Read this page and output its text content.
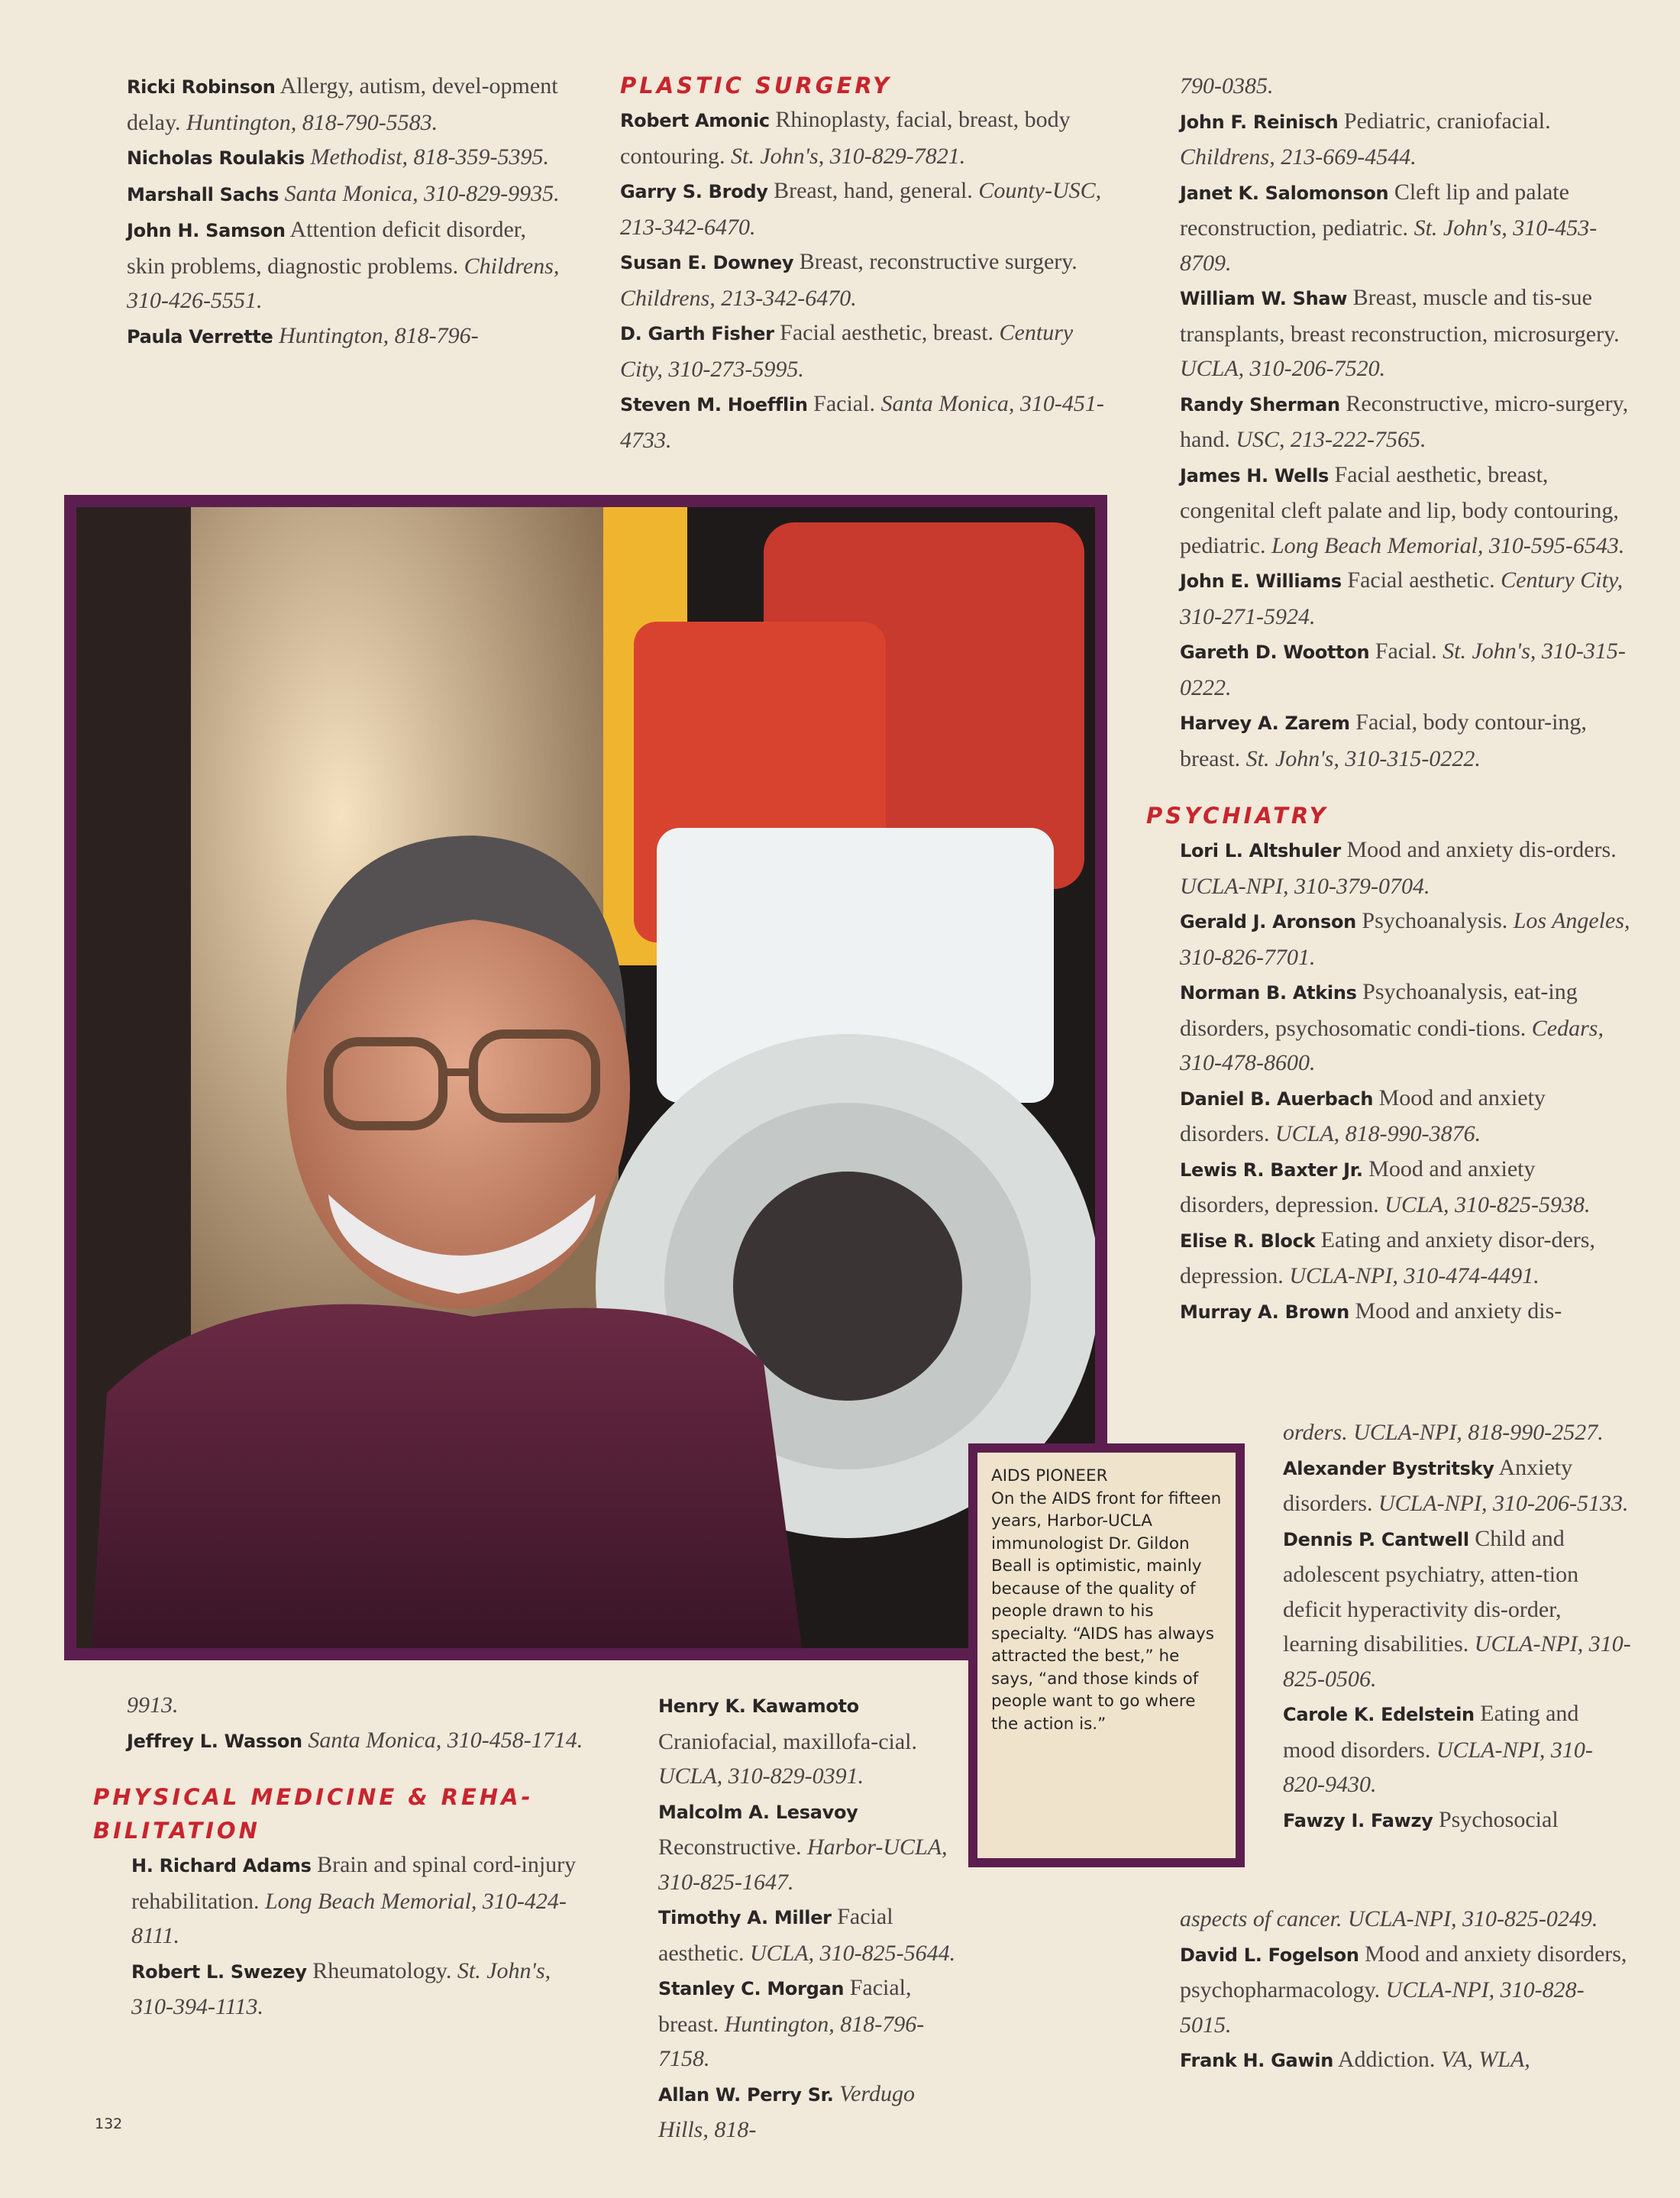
Ricki Robinson Allergy, autism, devel-opment delay. Huntington, 818-790-5583.

Nicholas Roulakis Methodist, 818-359-5395.

Marshall Sachs Santa Monica, 310-829-9935.

John H. Samson Attention deficit disorder, skin problems, diagnostic problems. Childrens, 310-426-5551.

Paula Verrette Huntington, 818-796-

PLASTIC SURGERY

Robert Amonic Rhinoplasty, facial, breast, body contouring. St. John's, 310-829-7821.

Garry S. Brody Breast, hand, general. County-USC, 213-342-6470.

Susan E. Downey Breast, reconstructive surgery. Childrens, 213-342-6470.

D. Garth Fisher Facial aesthetic, breast. Century City, 310-273-5995.

Steven M. Hoefflin Facial. Santa Monica, 310-451-4733.

790-0385.

John F. Reinisch Pediatric, craniofacial. Childrens, 213-669-4544.

Janet K. Salomonson Cleft lip and palate reconstruction, pediatric. St. John's, 310-453-8709.

William W. Shaw Breast, muscle and tis-sue transplants, breast reconstruction, microsurgery. UCLA, 310-206-7520.

Randy Sherman Reconstructive, micro-surgery, hand. USC, 213-222-7565.

James H. Wells Facial aesthetic, breast, congenital cleft palate and lip, body contouring, pediatric. Long Beach Memorial, 310-595-6543.

John E. Williams Facial aesthetic. Century City, 310-271-5924.

Gareth D. Wootton Facial. St. John's, 310-315-0222.

Harvey A. Zarem Facial, body contour-ing, breast. St. John's, 310-315-0222.

PSYCHIATRY

Lori L. Altshuler Mood and anxiety dis-orders. UCLA-NPI, 310-379-0704.

Gerald J. Aronson Psychoanalysis. Los Angeles, 310-826-7701.

Norman B. Atkins Psychoanalysis, eat-ing disorders, psychosomatic condi-tions. Cedars, 310-478-8600.

Daniel B. Auerbach Mood and anxiety disorders. UCLA, 818-990-3876.

Lewis R. Baxter Jr. Mood and anxiety disorders, depression. UCLA, 310-825-5938.

Elise R. Block Eating and anxiety disor-ders, depression. UCLA-NPI, 310-474-4491.

Murray A. Brown Mood and anxiety dis-

orders. UCLA-NPI, 818-990-2527.

Alexander Bystritsky Anxiety disorders. UCLA-NPI, 310-206-5133.

Dennis P. Cantwell Child and adolescent psychiatry, atten-tion deficit hyperactivity dis-order, learning disabilities. UCLA-NPI, 310-825-0506.

Carole K. Edelstein Eating and mood disorders. UCLA-NPI, 310-820-9430.

Fawzy I. Fawzy Psychosocial

aspects of cancer. UCLA-NPI, 310-825-0249.

David L. Fogelson Mood and anxiety disorders, psychopharmacology. UCLA-NPI, 310-828-5015.

Frank H. Gawin Addiction. VA, WLA,

AIDS PIONEER
On the AIDS front for fifteen years, Harbor-UCLA immunologist Dr. Gildon Beall is optimistic, mainly because of the quality of people drawn to his specialty. “AIDS has always attracted the best,” he says, “and those kinds of people want to go where the action is.”

9913.

Jeffrey L. Wasson Santa Monica, 310-458-1714.

PHYSICAL MEDICINE & REHA-BILITATION

H. Richard Adams Brain and spinal cord-injury rehabilitation. Long Beach Memorial, 310-424-8111.

Robert L. Swezey Rheumatology. St. John's, 310-394-1113.

Henry K. Kawamoto Craniofacial, maxillofa-cial. UCLA, 310-829-0391.

Malcolm A. Lesavoy Reconstructive. Harbor-UCLA, 310-825-1647.

Timothy A. Miller Facial aesthetic. UCLA, 310-825-5644.

Stanley C. Morgan Facial, breast. Huntington, 818-796-7158.

Allan W. Perry Sr. Verdugo Hills, 818-

132
